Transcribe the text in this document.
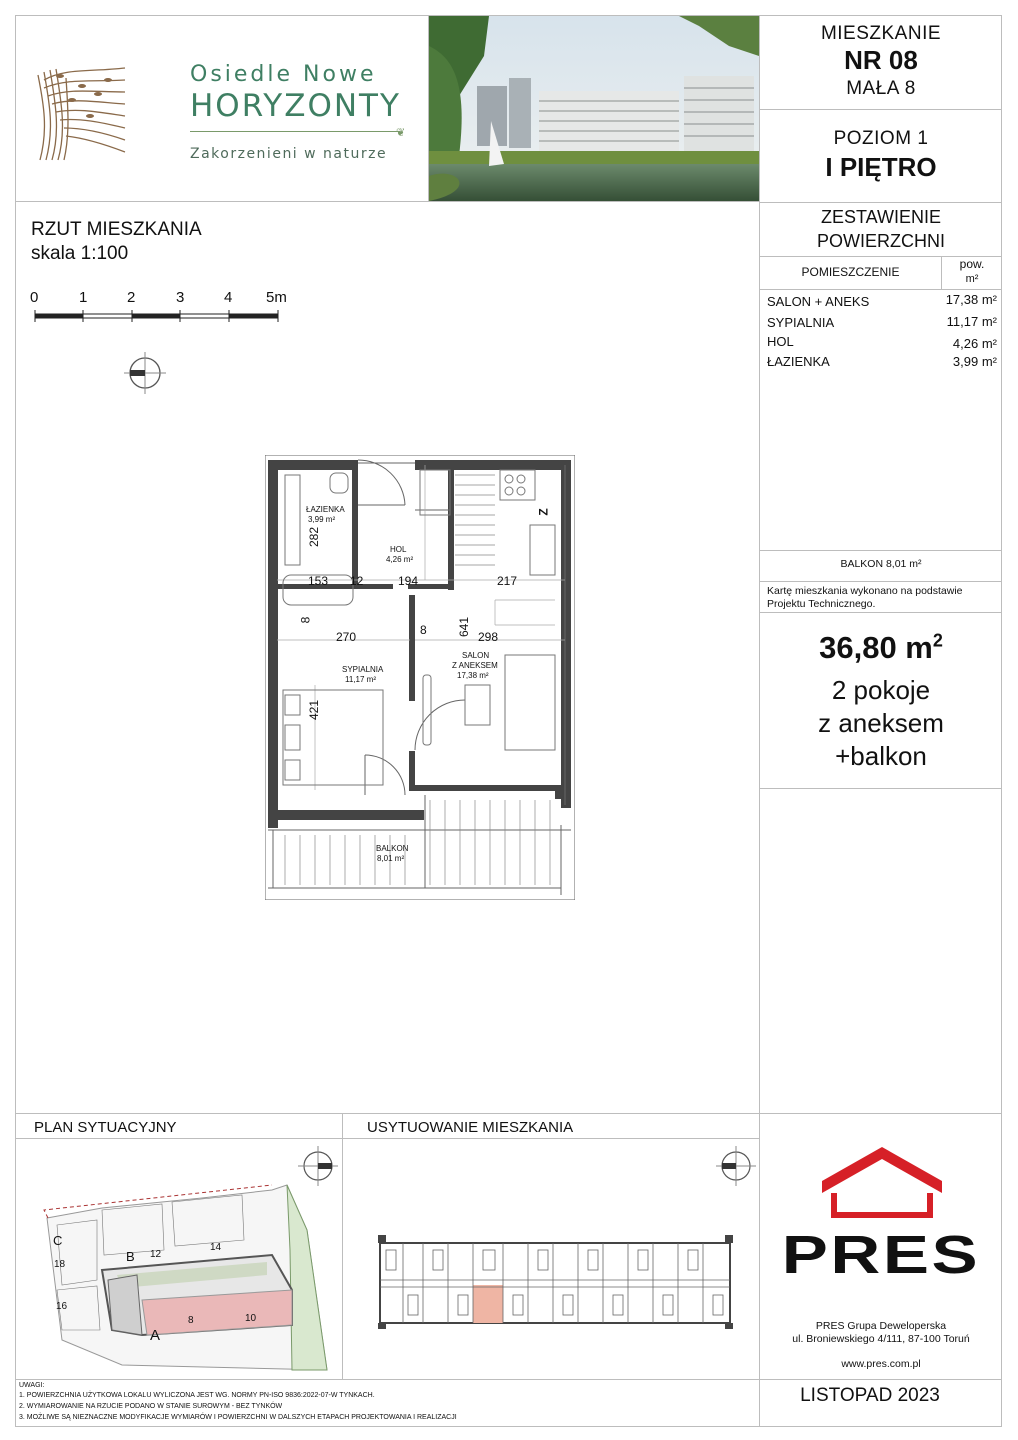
Osiedle Nowe
HORYZONTY
❦
Zakorzenieni w naturze
MIESZKANIE
NR 08
MAŁA 8
POZIOM 1
I PIĘTRO
ZESTAWIENIE
POWIERZCHNI
POMIESZCZENIE
pow.
m²
SALON + ANEKS	17,38 m²
SYPIALNIA	11,17 m²
HOL	4,26 m²
ŁAZIENKA	3,99 m²
BALKON 8,01 m²
Kartę mieszkania wykonano na podstawie Projektu Technicznego.
36,80 $m^2$
2 pokoje
z aneksem
+balkon
RZUT MIESZKANIA
skala 1:100
0	1	2	3	4 5m
ŁAZIENKA
3,99 m²
HOL
4,26 m²
SYPIALNIA
11,17 m²
SALON
Z ANEKSEM
17,38 m²
BALKON
8,01 m²
Z
282
153 12	194	217
8
270	8	641 298
421
PLAN SYTUACYJNY
C
B 12
14
18
16
A
8	10
USYTUOWANIE MIESZKANIA
PRES
PRES Grupa Deweloperska
ul. Broniewskiego 4/111, 87-100 Toruń
www.pres.com.pl
LISTOPAD 2023
UWAGI:
1. POWIERZCHNIA UŻYTKOWA LOKALU WYLICZONA JEST WG. NORMY PN-ISO 9836:2022-07-W TYNKACH.
2. WYMIAROWANIE NA RZUCIE PODANO W STANIE SUROWYM - BEZ TYNKÓW
3. MOŻLIWE SĄ NIEZNACZNE MODYFIKACJE WYMIARÓW I POWIERZCHNI W DALSZYCH ETAPACH PROJEKTOWANIA I REALIZACJI
